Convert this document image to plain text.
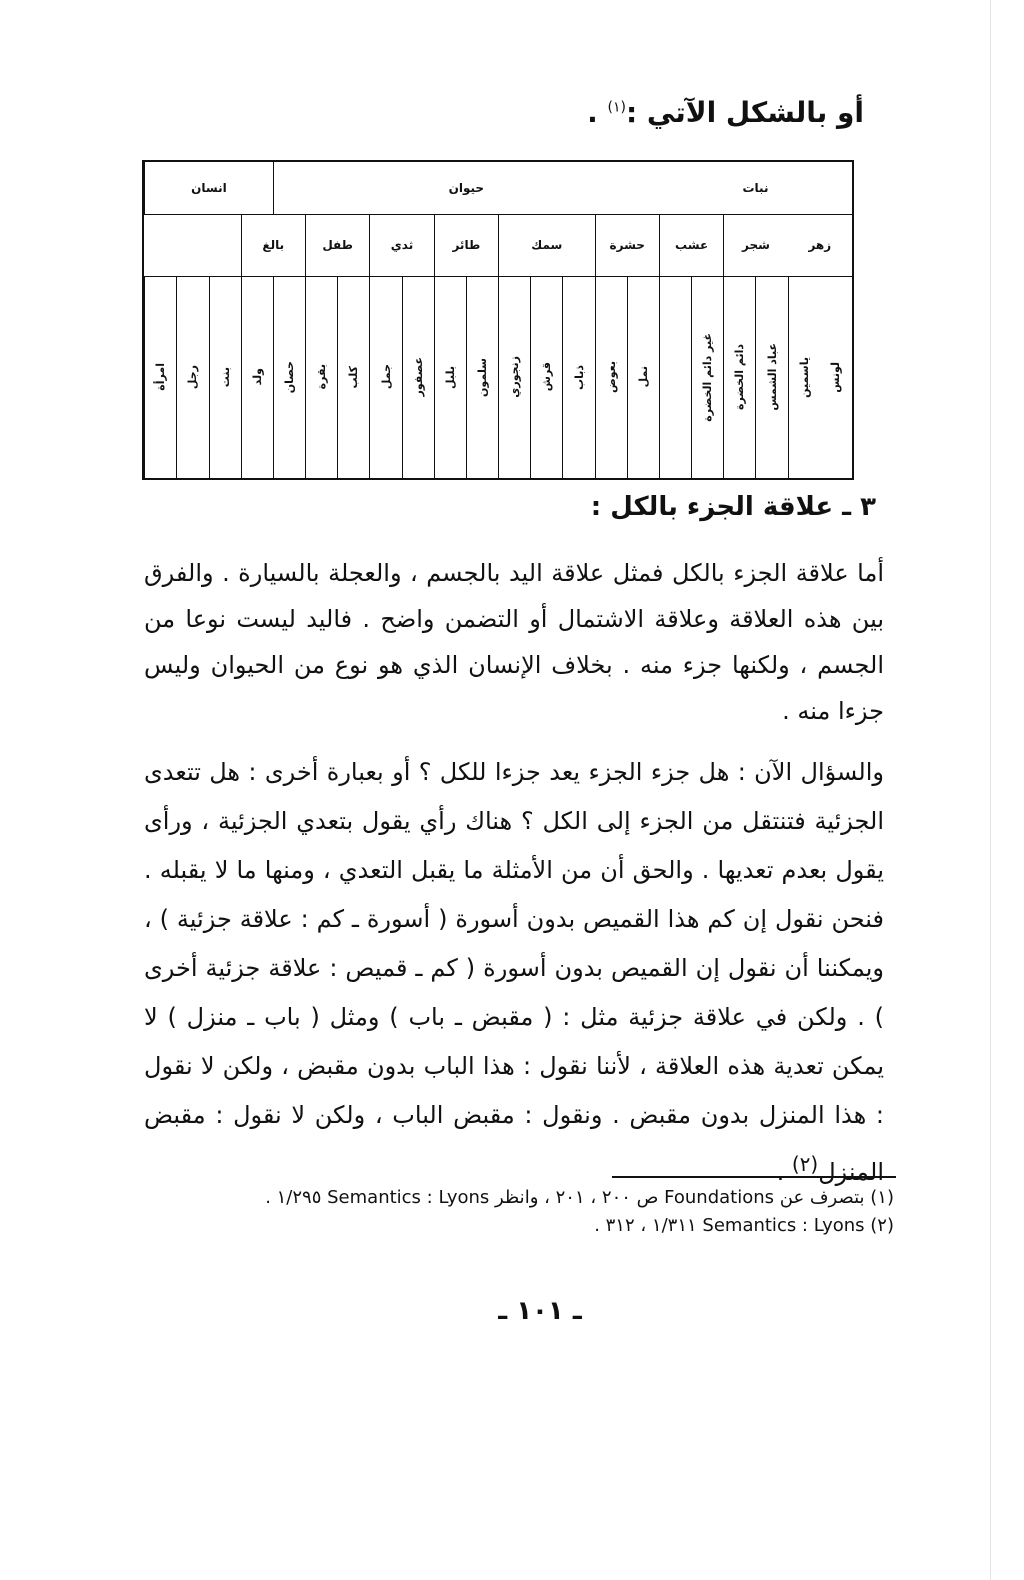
أو بالشكل الآتي :$^{(١)}$ .
نبات
حيوان
انسان
زهر
شجر
عشب
حشرة
سمك
طائر
ثدي
طفل
بالغ
لونس
ياسمين
عباد الشمس
دائم الخضرة
غير دائم الخضرة
نمل
بعوض
ذباب
قرش
زنجوري
سلمون
بلبل
عصفور
جمل
كلب
بقرة
حصان
ولد
بنت
رجل
امرأة
٣ ـ علاقة الجزء بالكل :
أما علاقة الجزء بالكل فمثل علاقة اليد بالجسم ، والعجلة بالسيارة . والفرق بين هذه العلاقة وعلاقة الاشتمال أو التضمن واضح . فاليد ليست نوعا من الجسم ، ولكنها جزء منه . بخلاف الإنسان الذي هو نوع من الحيوان وليس جزءا منه .
والسؤال الآن : هل جزء الجزء يعد جزءا للكل ؟ أو بعبارة أخرى : هل تتعدى الجزئية فتنتقل من الجزء إلى الكل ؟ هناك رأي يقول بتعدي الجزئية ، ورأى يقول بعدم تعديها . والحق أن من الأمثلة ما يقبل التعدي ، ومنها ما لا يقبله . فنحن نقول إن كم هذا القميص بدون أسورة ( أسورة ـ كم : علاقة جزئية ) ، ويمكننا أن نقول إن القميص بدون أسورة ( كم ـ قميص : علاقة جزئية أخرى ) . ولكن في علاقة جزئية مثل : ( مقبض ـ باب ) ومثل ( باب ـ منزل ) لا يمكن تعدية هذه العلاقة ، لأننا نقول : هذا الباب بدون مقبض ، ولكن لا نقول : هذا المنزل بدون مقبض . ونقول : مقبض الباب ، ولكن لا نقول : مقبض المنزل$^{(٢)}$ .
(١) بتصرف عن Foundations ص ٢٠٠ ، ٢٠١ ، وانظر Semantics : Lyons ١/٢٩٥ .
(٢) Semantics : Lyons ١/٣١١ ، ٣١٢ .
ـ ١٠١ ـ
